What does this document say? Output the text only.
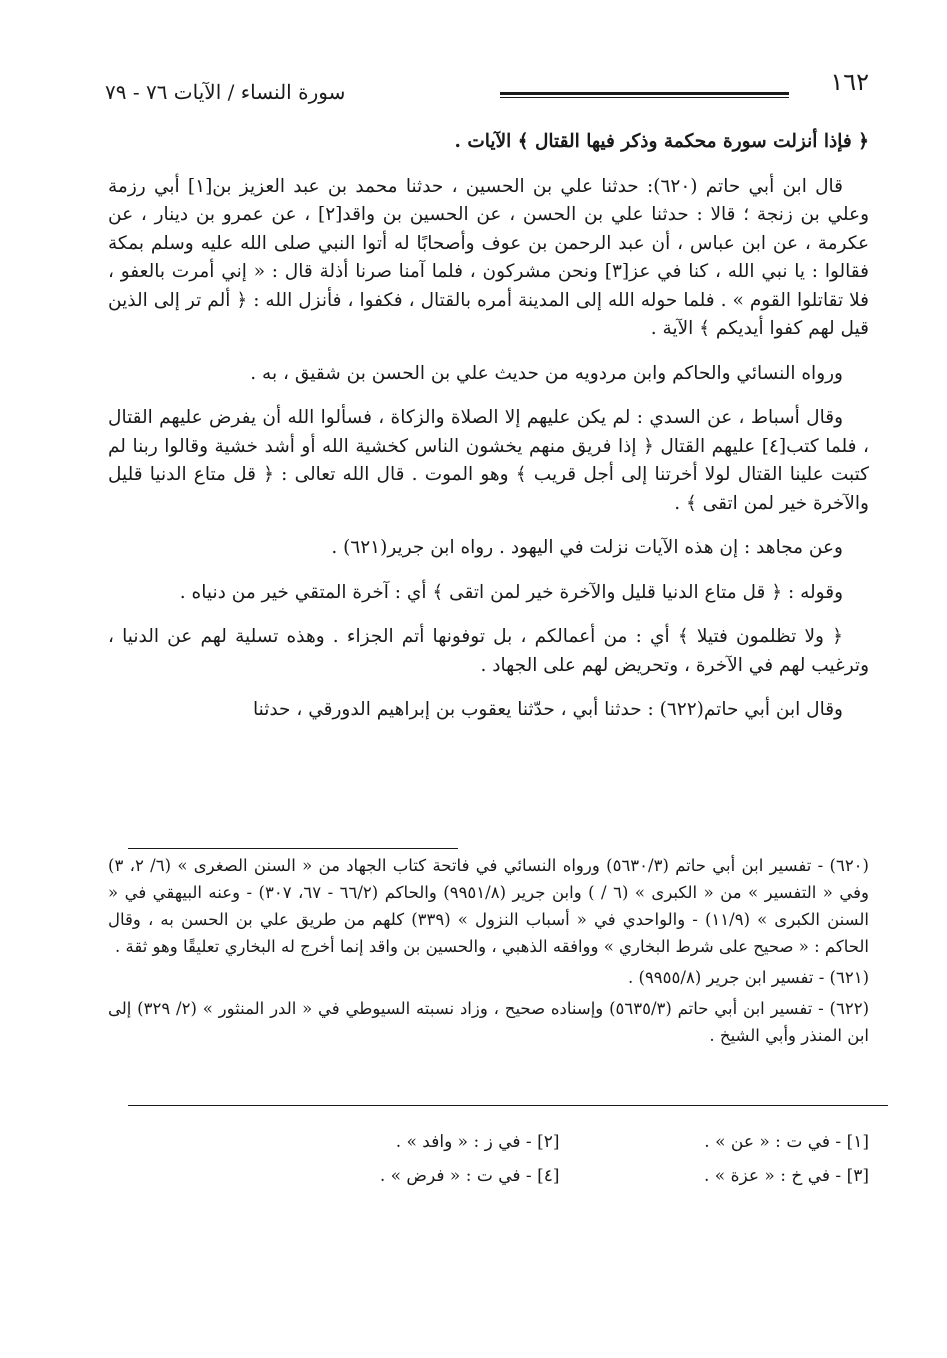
١٦٢
سورة النساء / الآيات ٧٦ - ٧٩

﴿ فإذا أنزلت سورة محكمة وذكر فيها القتال ﴾ الآيات .

قال ابن أبي حاتم (٦٢٠): حدثنا علي بن الحسين ، حدثنا محمد بن عبد العزيز بن[١] أبي رزمة وعلي بن زنجة ؛ قالا : حدثنا علي بن الحسن ، عن الحسين بن واقد[٢] ، عن عمرو بن دينار ، عن عكرمة ، عن ابن عباس ، أن عبد الرحمن بن عوف وأصحابًا له أتوا النبي صلى الله عليه وسلم بمكة فقالوا : يا نبي الله ، كنا في عز[٣] ونحن مشركون ، فلما آمنا صرنا أذلة قال : « إني أمرت بالعفو ، فلا تقاتلوا القوم » . فلما حوله الله إلى المدينة أمره بالقتال ، فكفوا ، فأنزل الله : ﴿ ألم تر إلى الذين قيل لهم كفوا أيديكم ﴾ الآية .

ورواه النسائي والحاكم وابن مردويه من حديث علي بن الحسن بن شقيق ، به .

وقال أسباط ، عن السدي : لم يكن عليهم إلا الصلاة والزكاة ، فسألوا الله أن يفرض عليهم القتال ، فلما كتب[٤] عليهم القتال ﴿ إذا فريق منهم يخشون الناس كخشية الله أو أشد خشية وقالوا ربنا لم كتبت علينا القتال لولا أخرتنا إلى أجل قريب ﴾ وهو الموت . قال الله تعالى : ﴿ قل متاع الدنيا قليل والآخرة خير لمن اتقى ﴾ .

وعن مجاهد : إن هذه الآيات نزلت في اليهود . رواه ابن جرير(٦٢١) .

وقوله : ﴿ قل متاع الدنيا قليل والآخرة خير لمن اتقى ﴾ أي : آخرة المتقي خير من دنياه .

﴿ ولا تظلمون فتيلا ﴾ أي : من أعمالكم ، بل توفونها أتم الجزاء . وهذه تسلية لهم عن الدنيا ، وترغيب لهم في الآخرة ، وتحريض لهم على الجهاد .

وقال ابن أبي حاتم(٦٢٢) : حدثنا أبي ، حدّثنا يعقوب بن إبراهيم الدورقي ، حدثنا

(٦٢٠) - تفسير ابن أبي حاتم (٥٦٣٠/٣) ورواه النسائي في فاتحة كتاب الجهاد من « السنن الصغرى » (٦/ ٢، ٣) وفي « التفسير » من « الكبرى » (٦ / ) وابن جرير (٩٩٥١/٨) والحاكم (٦٦/٢ - ٦٧، ٣٠٧) - وعنه البيهقي في « السنن الكبرى » (١١/٩) - والواحدي في « أسباب النزول » (٣٣٩) كلهم من طريق علي بن الحسن به ، وقال الحاكم : « صحيح على شرط البخاري » ووافقه الذهبي ، والحسين بن واقد إنما أخرج له البخاري تعليقًا وهو ثقة .

(٦٢١) - تفسير ابن جرير (٩٩٥٥/٨) .

(٦٢٢) - تفسير ابن أبي حاتم (٥٦٣٥/٣) وإسناده صحيح ، وزاد نسبته السيوطي في « الدر المنثور » (٢/ ٣٢٩) إلى ابن المنذر وأبي الشيخ .

[١] - في ت : « عن » .
[٢] - في ز : « وافد » .
[٣] - في خ : « عزة » .
[٤] - في ت : « فرض » .
